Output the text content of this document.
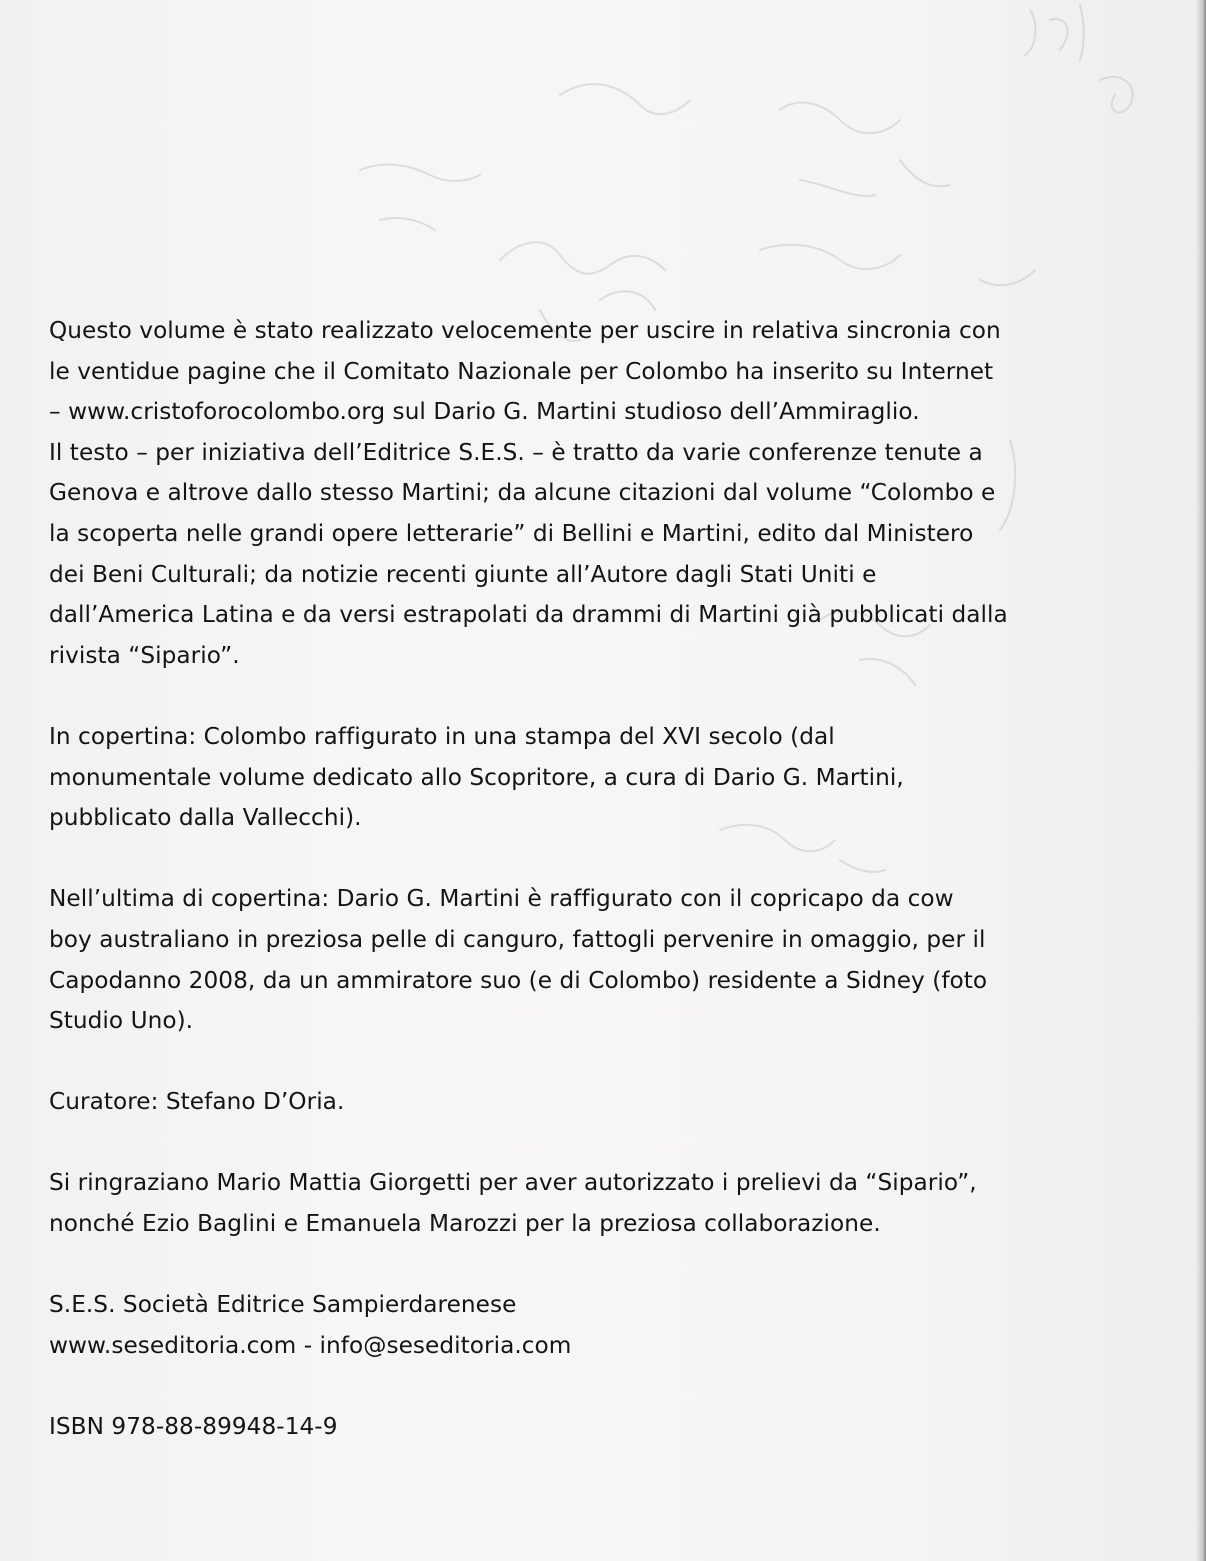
Questo volume è stato realizzato velocemente per uscire in relativa sincronia con
le ventidue pagine che il Comitato Nazionale per Colombo ha inserito su Internet
– www.cristoforocolombo.org sul Dario G. Martini studioso dell’Ammiraglio.
Il testo – per iniziativa dell’Editrice S.E.S. – è tratto da varie conferenze tenute a
Genova e altrove dallo stesso Martini; da alcune citazioni dal volume “Colombo e
la scoperta nelle grandi opere letterarie” di Bellini e Martini, edito dal Ministero
dei Beni Culturali; da notizie recenti giunte all’Autore dagli Stati Uniti e
dall’America Latina e da versi estrapolati da drammi di Martini già pubblicati dalla
rivista “Sipario”.
In copertina: Colombo raffigurato in una stampa del XVI secolo (dal
monumentale volume dedicato allo Scopritore, a cura di Dario G. Martini,
pubblicato dalla Vallecchi).
Nell’ultima di copertina: Dario G. Martini è raffigurato con il copricapo da cow
boy australiano in preziosa pelle di canguro, fattogli pervenire in omaggio, per il
Capodanno 2008, da un ammiratore suo (e di Colombo) residente a Sidney (foto
Studio Uno).
Curatore: Stefano D’Oria.
Si ringraziano Mario Mattia Giorgetti per aver autorizzato i prelievi da “Sipario”,
nonché Ezio Baglini e Emanuela Marozzi per la preziosa collaborazione.
S.E.S. Società Editrice Sampierdarenese
www.seseditoria.com - info@seseditoria.com
ISBN 978-88-89948-14-9
